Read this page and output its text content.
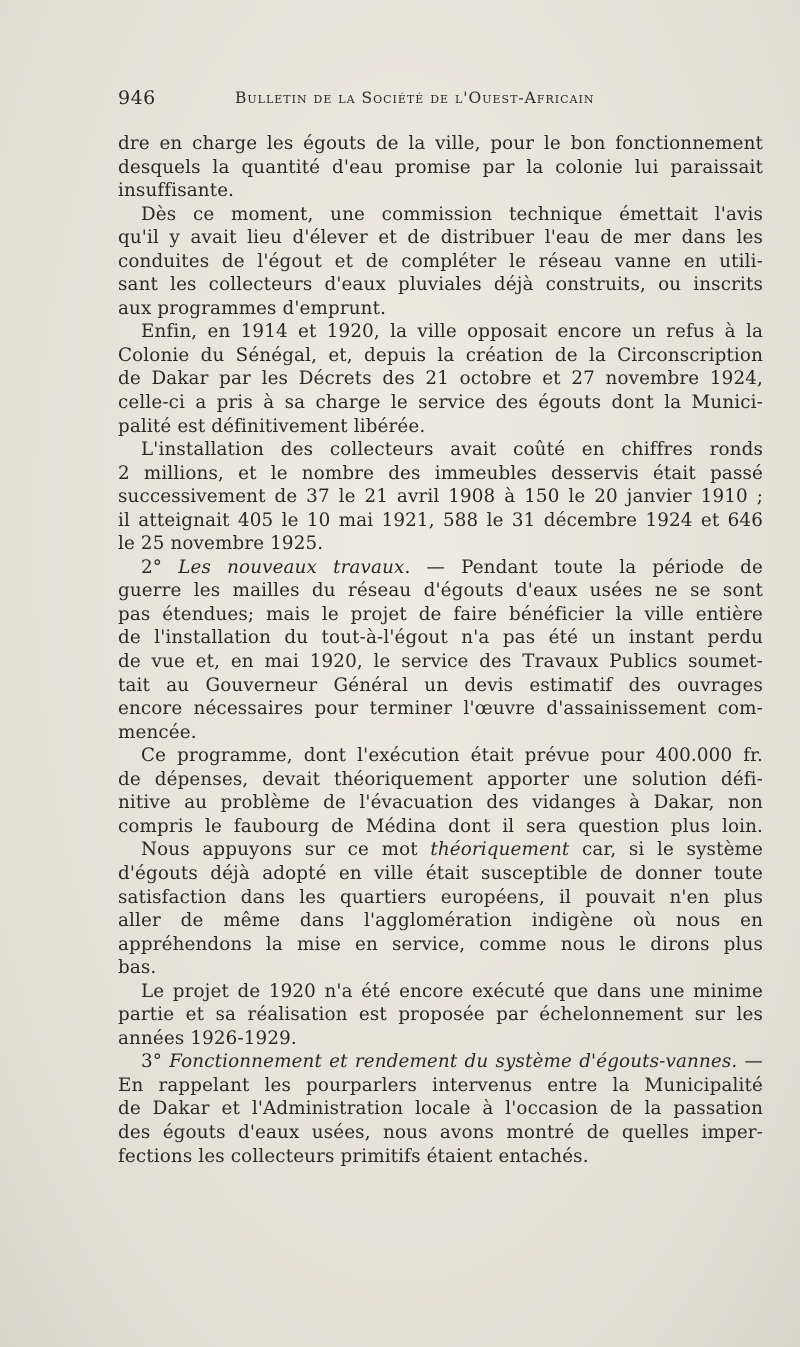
946	Bulletin de la Société de l'Ouest-Africain
dre en charge les égouts de la ville, pour le bon fonctionnement
desquels la quantité d'eau promise par la colonie lui paraissait
insuffisante.
Dès ce moment, une commission technique émettait l'avis
qu'il y avait lieu d'élever et de distribuer l'eau de mer dans les
conduites de l'égout et de compléter le réseau vanne en utili-
sant les collecteurs d'eaux pluviales déjà construits, ou inscrits
aux programmes d'emprunt.
Enfin, en 1914 et 1920, la ville opposait encore un refus à la
Colonie du Sénégal, et, depuis la création de la Circonscription
de Dakar par les Décrets des 21 octobre et 27 novembre 1924,
celle-ci a pris à sa charge le service des égouts dont la Munici-
palité est définitivement libérée.
L'installation des collecteurs avait coûté en chiffres ronds
2 millions, et le nombre des immeubles desservis était passé
successivement de 37 le 21 avril 1908 à 150 le 20 janvier 1910 ;
il atteignait 405 le 10 mai 1921, 588 le 31 décembre 1924 et 646
le 25 novembre 1925.
2° Les nouveaux travaux. — Pendant toute la période de
guerre les mailles du réseau d'égouts d'eaux usées ne se sont
pas étendues; mais le projet de faire bénéficier la ville entière
de l'installation du tout-à-l'égout n'a pas été un instant perdu
de vue et, en mai 1920, le service des Travaux Publics soumet-
tait au Gouverneur Général un devis estimatif des ouvrages
encore nécessaires pour terminer l'œuvre d'assainissement com-
mencée.
Ce programme, dont l'exécution était prévue pour 400.000 fr.
de dépenses, devait théoriquement apporter une solution défi-
nitive au problème de l'évacuation des vidanges à Dakar, non
compris le faubourg de Médina dont il sera question plus loin.
Nous appuyons sur ce mot théoriquement car, si le système
d'égouts déjà adopté en ville était susceptible de donner toute
satisfaction dans les quartiers européens, il pouvait n'en plus
aller de même dans l'agglomération indigène où nous en
appréhendons la mise en service, comme nous le dirons plus
bas.
Le projet de 1920 n'a été encore exécuté que dans une minime
partie et sa réalisation est proposée par échelonnement sur les
années 1926-1929.
3° Fonctionnement et rendement du système d'égouts-vannes. —
En rappelant les pourparlers intervenus entre la Municipalité
de Dakar et l'Administration locale à l'occasion de la passation
des égouts d'eaux usées, nous avons montré de quelles imper-
fections les collecteurs primitifs étaient entachés.
